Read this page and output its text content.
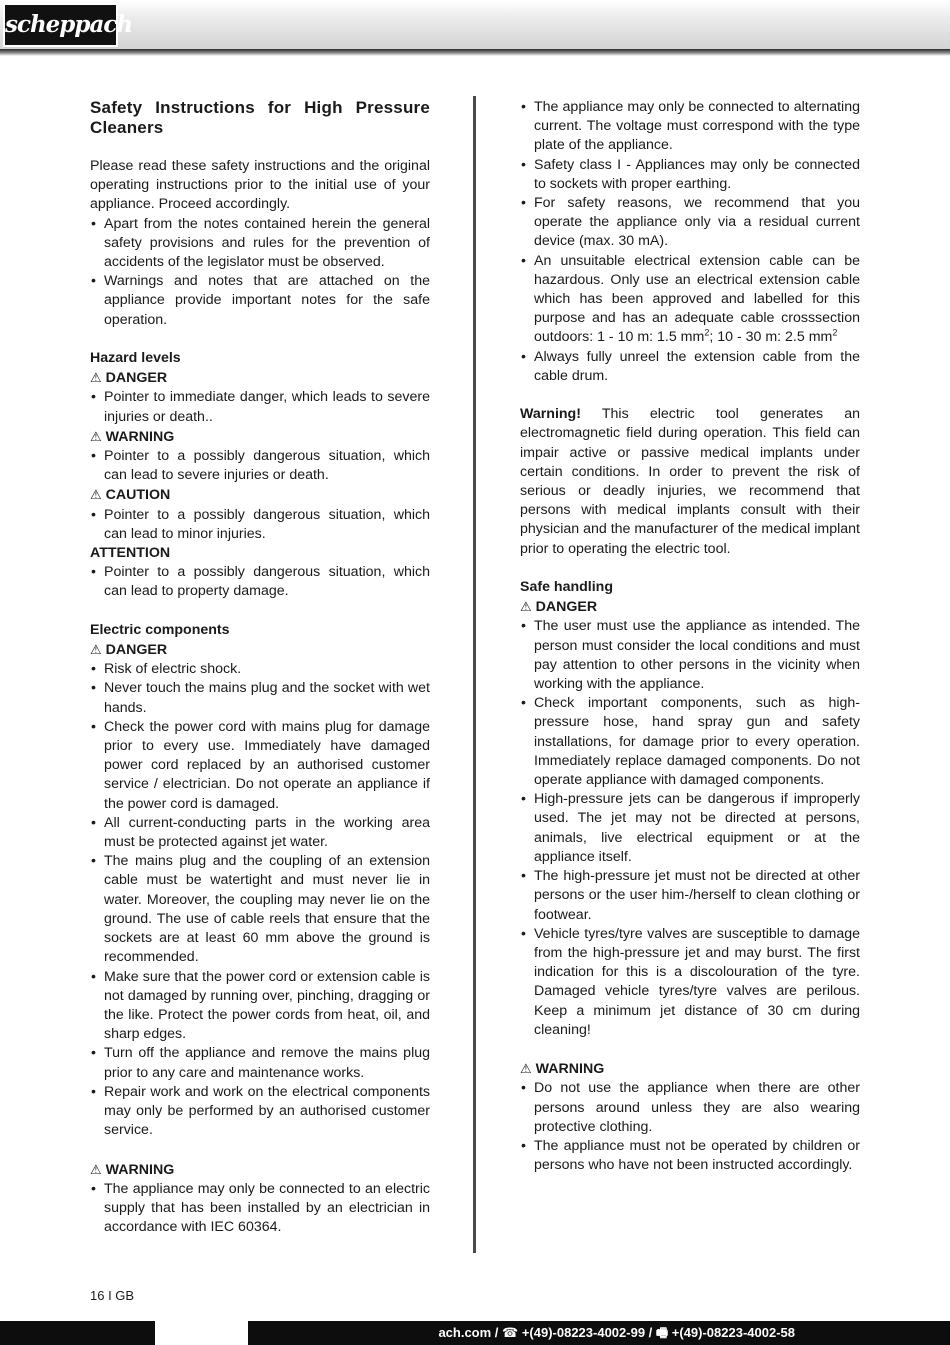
scheppach
Safety Instructions for High Pressure Cleaners

Please read these safety instructions and the original operating instructions prior to the initial use of your appliance. Proceed accordingly.

• Apart from the notes contained herein the general safety provisions and rules for the prevention of accidents of the legislator must be observed.
• Warnings and notes that are attached on the appliance provide important notes for the safe operation.
Hazard levels
⚠ DANGER
• Pointer to immediate danger, which leads to severe injuries or death..
⚠ WARNING
• Pointer to a possibly dangerous situation, which can lead to severe injuries or death.
⚠ CAUTION
• Pointer to a possibly dangerous situation, which can lead to minor injuries.
ATTENTION
• Pointer to a possibly dangerous situation, which can lead to property damage.
Electric components
⚠ DANGER
• Risk of electric shock.
• Never touch the mains plug and the socket with wet hands.
• Check the power cord with mains plug for damage prior to every use. Immediately have damaged power cord replaced by an authorised customer service / electrician. Do not operate an appliance if the power cord is damaged.
• All current-conducting parts in the working area must be protected against jet water.
• The mains plug and the coupling of an extension cable must be watertight and must never lie in water. Moreover, the coupling may never lie on the ground. The use of cable reels that ensure that the sockets are at least 60 mm above the ground is recommended.
• Make sure that the power cord or extension cable is not damaged by running over, pinching, dragging or the like. Protect the power cords from heat, oil, and sharp edges.
• Turn off the appliance and remove the mains plug prior to any care and maintenance works.
• Repair work and work on the electrical components may only be performed by an authorised customer service.
⚠ WARNING
• The appliance may only be connected to an electric supply that has been installed by an electrician in accordance with IEC 60364.
• The appliance may only be connected to alternating current. The voltage must correspond with the type plate of the appliance.
• Safety class I - Appliances may only be connected to sockets with proper earthing.
• For safety reasons, we recommend that you operate the appliance only via a residual current device (max. 30 mA).
• An unsuitable electrical extension cable can be hazardous. Only use an electrical extension cable which has been approved and labelled for this purpose and has an adequate cable crosssection outdoors: 1 - 10 m: 1.5 $mm^2$; 10 - 30 m: 2.5 $mm^2$
• Always fully unreel the extension cable from the cable drum.

Warning! This electric tool generates an electromagnetic field during operation. This field can impair active or passive medical implants under certain conditions. In order to prevent the risk of serious or deadly injuries, we recommend that persons with medical implants consult with their physician and the manufacturer of the medical implant prior to operating the electric tool.

Safe handling
⚠ DANGER
• The user must use the appliance as intended. The person must consider the local conditions and must pay attention to other persons in the vicinity when working with the appliance.
• Check important components, such as high-pressure hose, hand spray gun and safety installations, for damage prior to every operation. Immediately replace damaged components. Do not operate appliance with damaged components.
• High-pressure jets can be dangerous if improperly used. The jet may not be directed at persons, animals, live electrical equipment or at the appliance itself.
• The high-pressure jet must not be directed at other persons or the user him-/herself to clean clothing or footwear.
• Vehicle tyres/tyre valves are susceptible to damage from the high-pressure jet and may burst. The first indication for this is a discolouration of the tyre. Damaged vehicle tyres/tyre valves are perilous. Keep a minimum jet distance of 30 cm during cleaning!
⚠ WARNING
• Do not use the appliance when there are other persons around unless they are also wearing protective clothing.
• The appliance must not be operated by children or persons who have not been instructed accordingly.
16 I GB
ach.com / ☎ +(49)-08223-4002-99 / 🖷 +(49)-08223-4002-58
